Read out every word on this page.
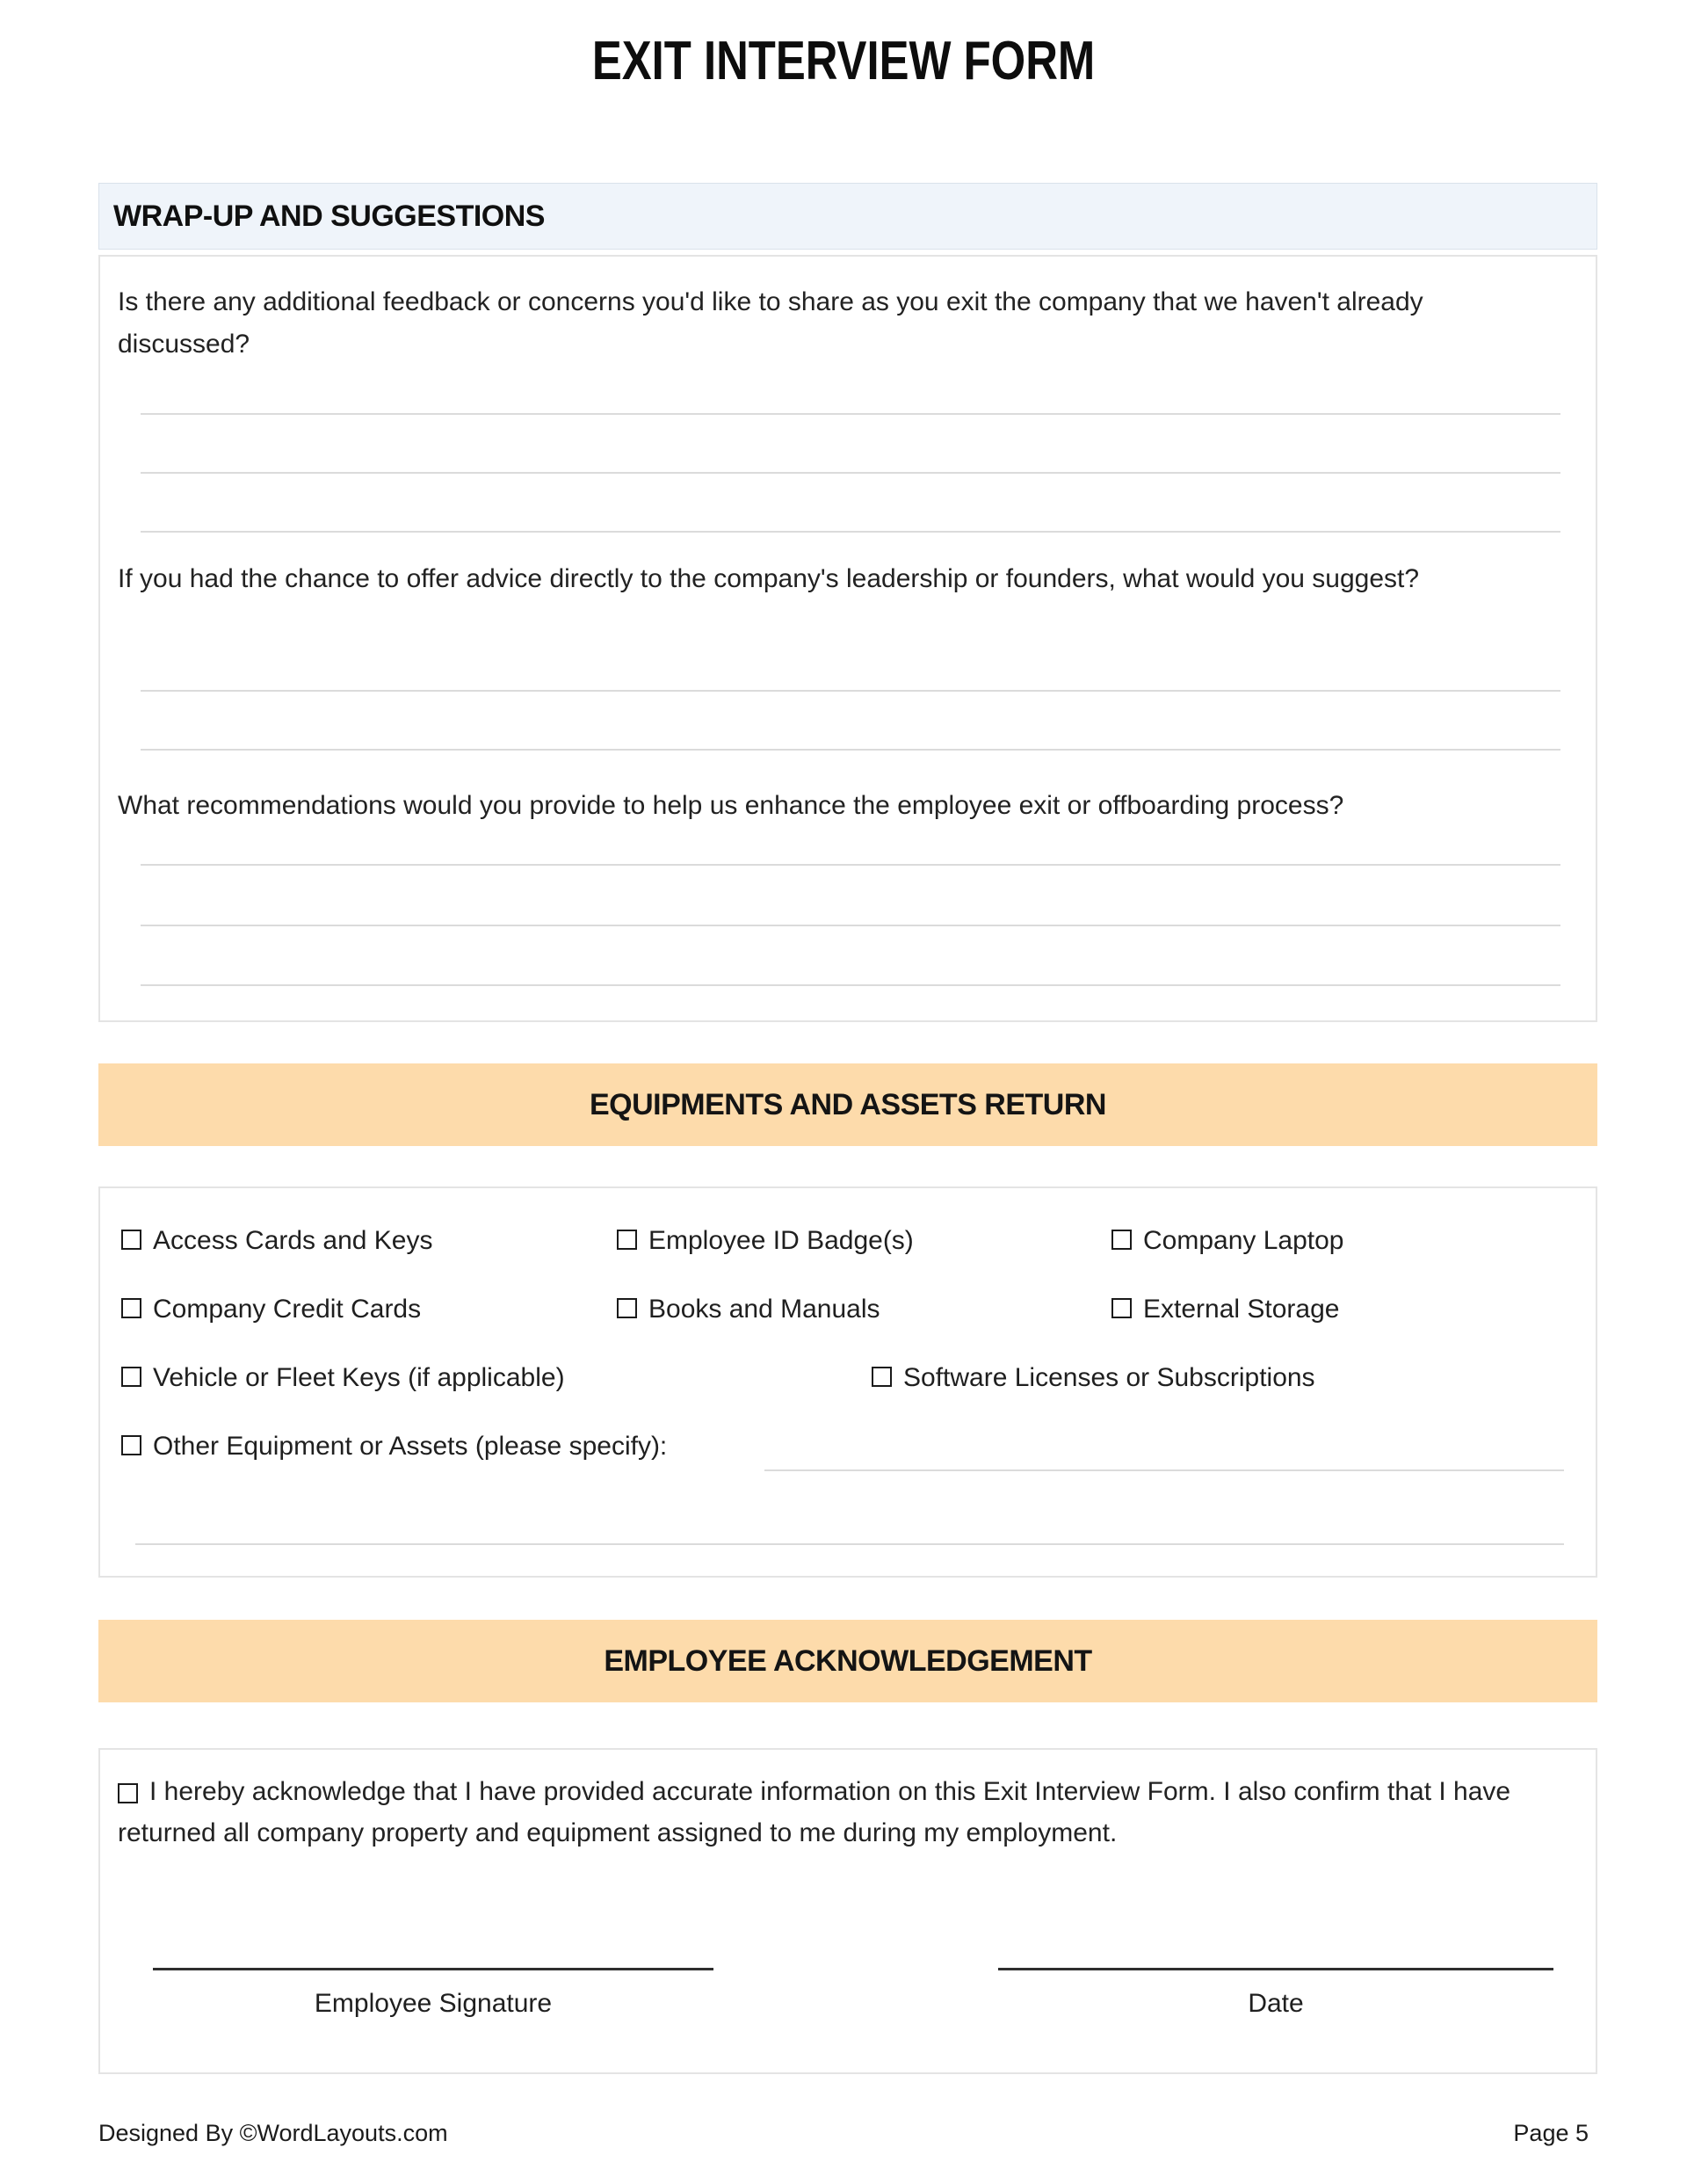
EXIT INTERVIEW FORM
WRAP-UP AND SUGGESTIONS

Is there any additional feedback or concerns you'd like to share as you exit the company that we haven't already discussed?

If you had the chance to offer advice directly to the company's leadership or founders, what would you suggest?

What recommendations would you provide to help us enhance the employee exit or offboarding process?

EQUIPMENTS AND ASSETS RETURN
Access Cards and Keys	Employee ID Badge(s)	Company Laptop
Company Credit Cards	Books and Manuals	External Storage
Vehicle or Fleet Keys (if applicable)	Software Licenses or Subscriptions
Other Equipment or Assets (please specify):
EMPLOYEE ACKNOWLEDGEMENT

I hereby acknowledge that I have provided accurate information on this Exit Interview Form. I also confirm that I have returned all company property and equipment assigned to me during my employment.

Employee Signature	Date
Designed By ©WordLayouts.com	Page 5
